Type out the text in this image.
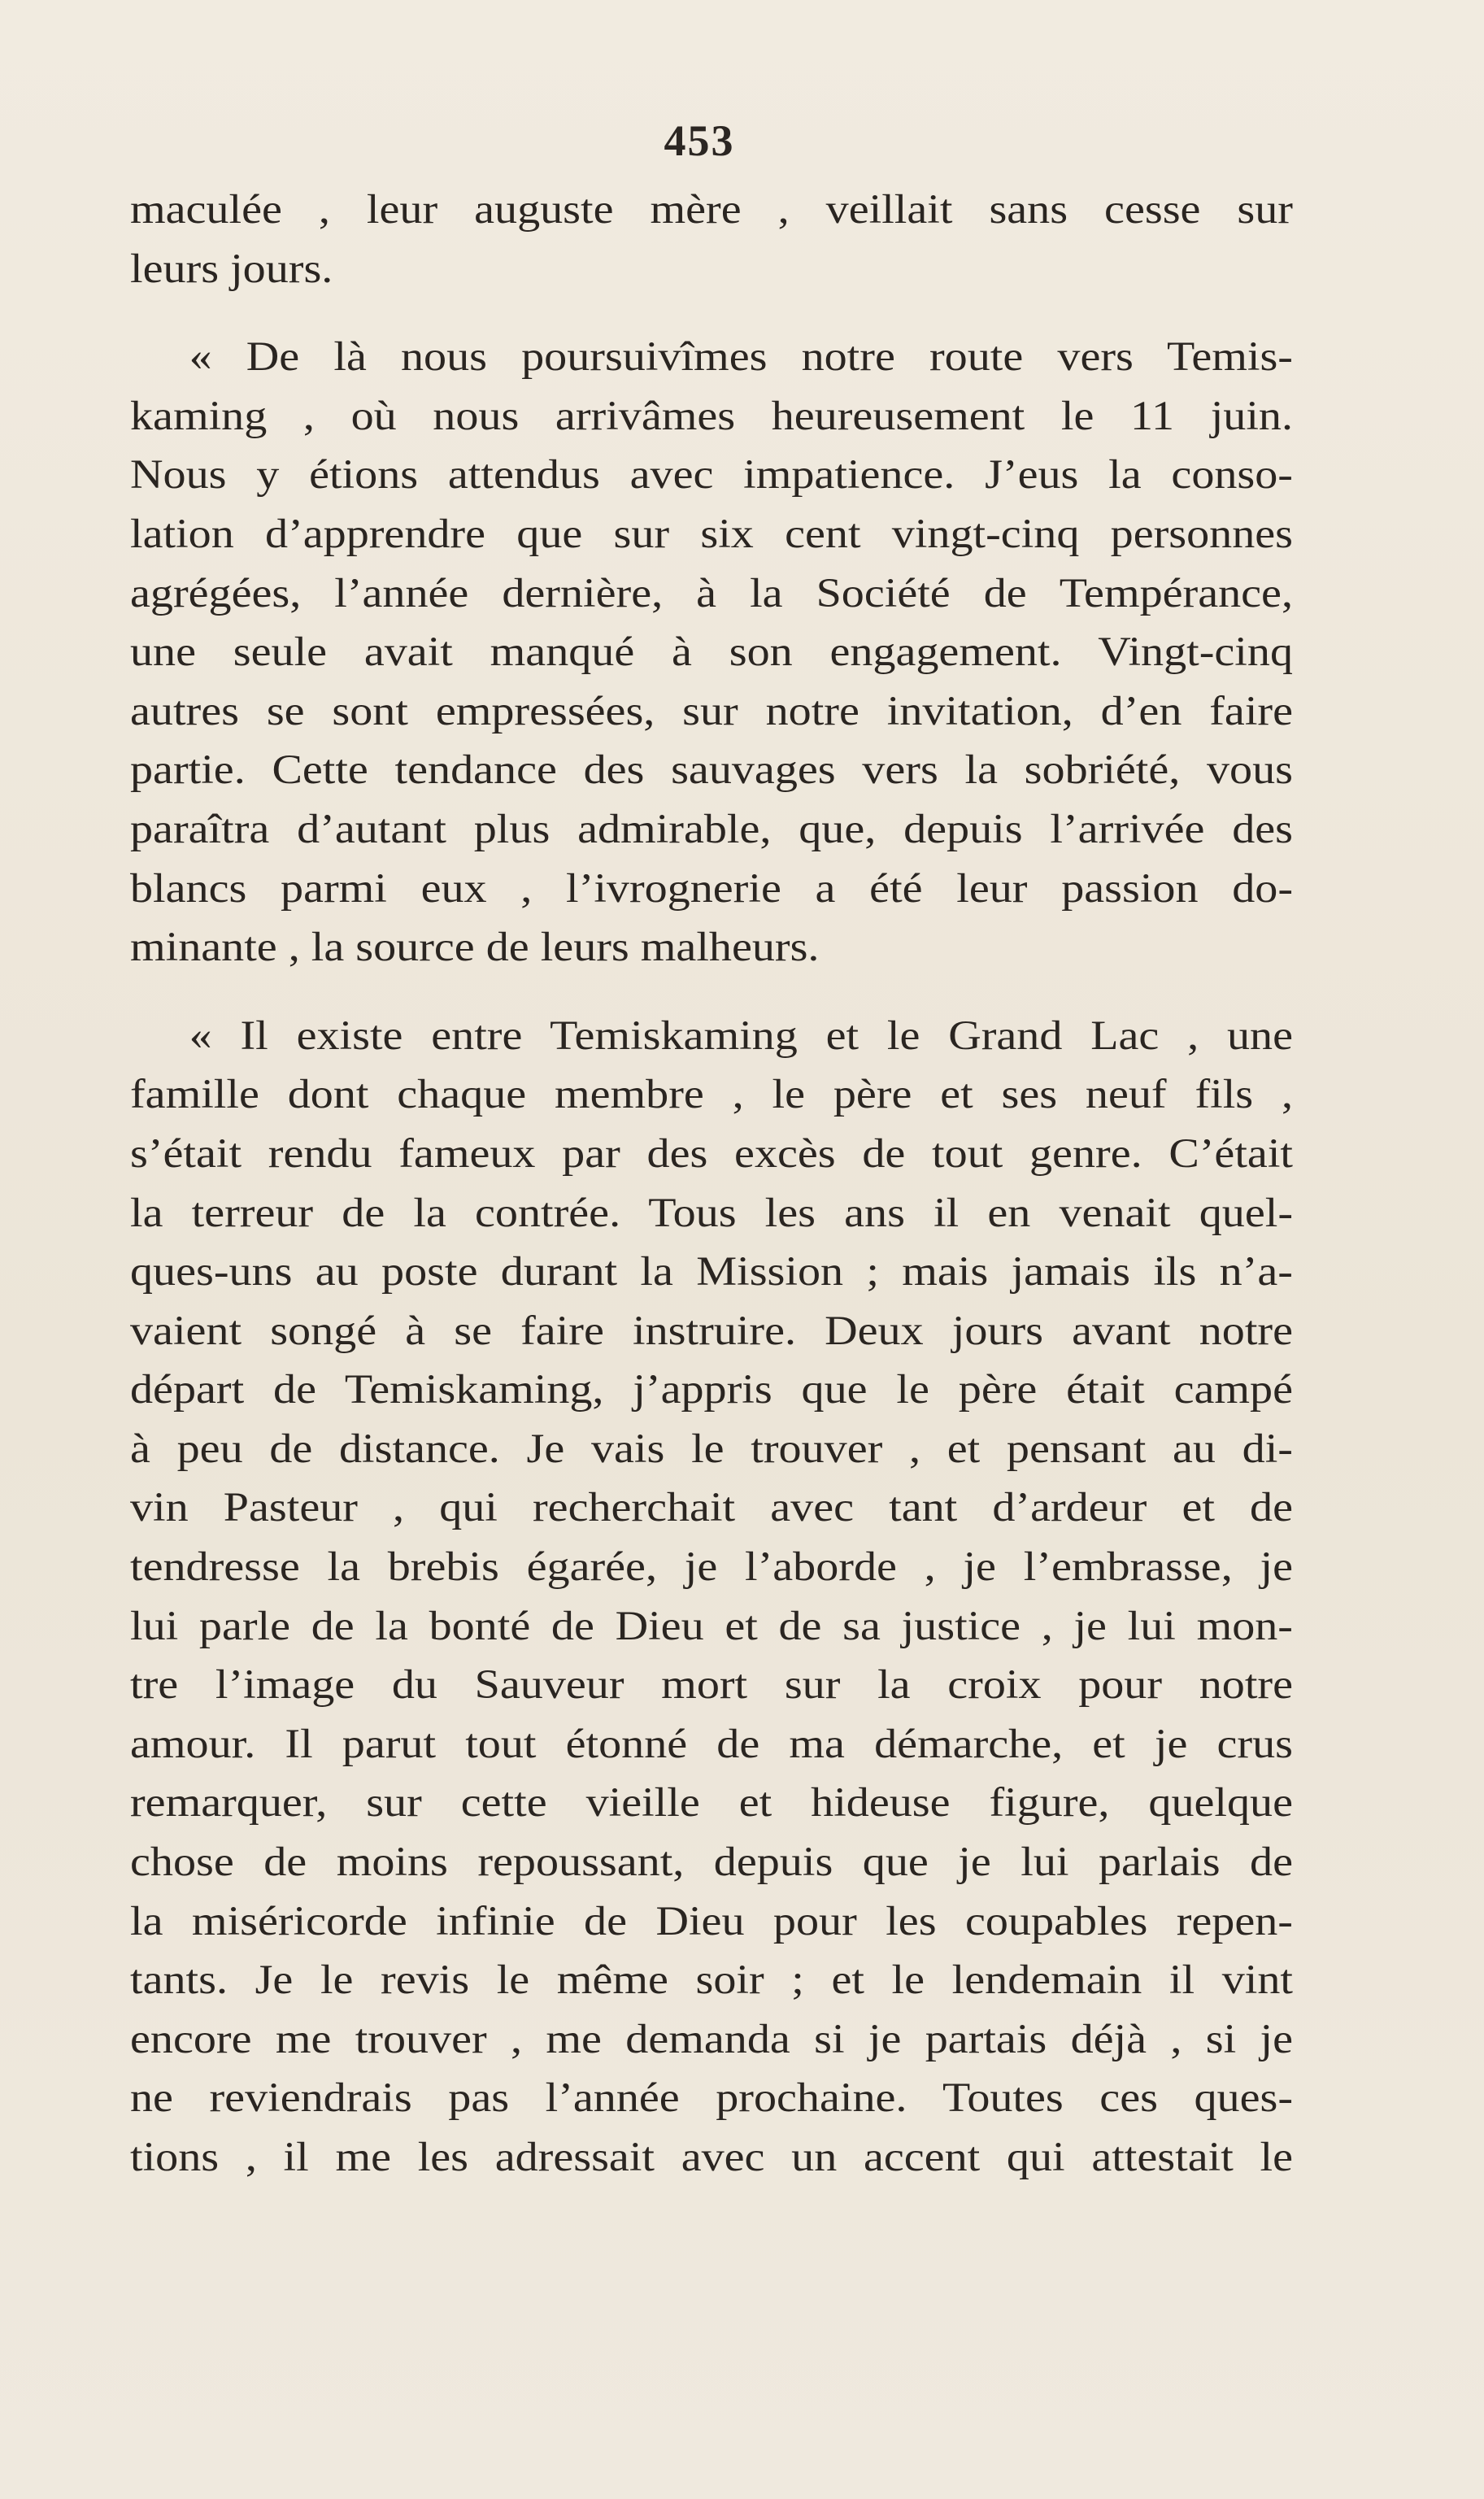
453

maculée , leur auguste mère , veillait sans cesse sur
leurs jours.

« De là nous poursuivîmes notre route vers Temis-
kaming , où nous arrivâmes heureusement le 11 juin.
Nous y étions attendus avec impatience. J’eus la conso-
lation d’apprendre que sur six cent vingt-cinq personnes
agrégées, l’année dernière, à la Société de Tempérance,
une seule avait manqué à son engagement. Vingt-cinq
autres se sont empressées, sur notre invitation, d’en faire
partie. Cette tendance des sauvages vers la sobriété, vous
paraîtra d’autant plus admirable, que, depuis l’arrivée des
blancs parmi eux , l’ivrognerie a été leur passion do-
minante , la source de leurs malheurs.

« Il existe entre Temiskaming et le Grand Lac , une
famille dont chaque membre , le père et ses neuf fils ,
s’était rendu fameux par des excès de tout genre. C’était
la terreur de la contrée. Tous les ans il en venait quel-
ques-uns au poste durant la Mission ; mais jamais ils n’a-
vaient songé à se faire instruire. Deux jours avant notre
départ de Temiskaming, j’appris que le père était campé
à peu de distance. Je vais le trouver , et pensant au di-
vin Pasteur , qui recherchait avec tant d’ardeur et de
tendresse la brebis égarée, je l’aborde , je l’embrasse, je
lui parle de la bonté de Dieu et de sa justice , je lui mon-
tre l’image du Sauveur mort sur la croix pour notre
amour. Il parut tout étonné de ma démarche, et je crus
remarquer, sur cette vieille et hideuse figure, quelque
chose de moins repoussant, depuis que je lui parlais de
la miséricorde infinie de Dieu pour les coupables repen-
tants. Je le revis le même soir ; et le lendemain il vint
encore me trouver , me demanda si je partais déjà , si je
ne reviendrais pas l’année prochaine. Toutes ces ques-
tions , il me les adressait avec un accent qui attestait le
